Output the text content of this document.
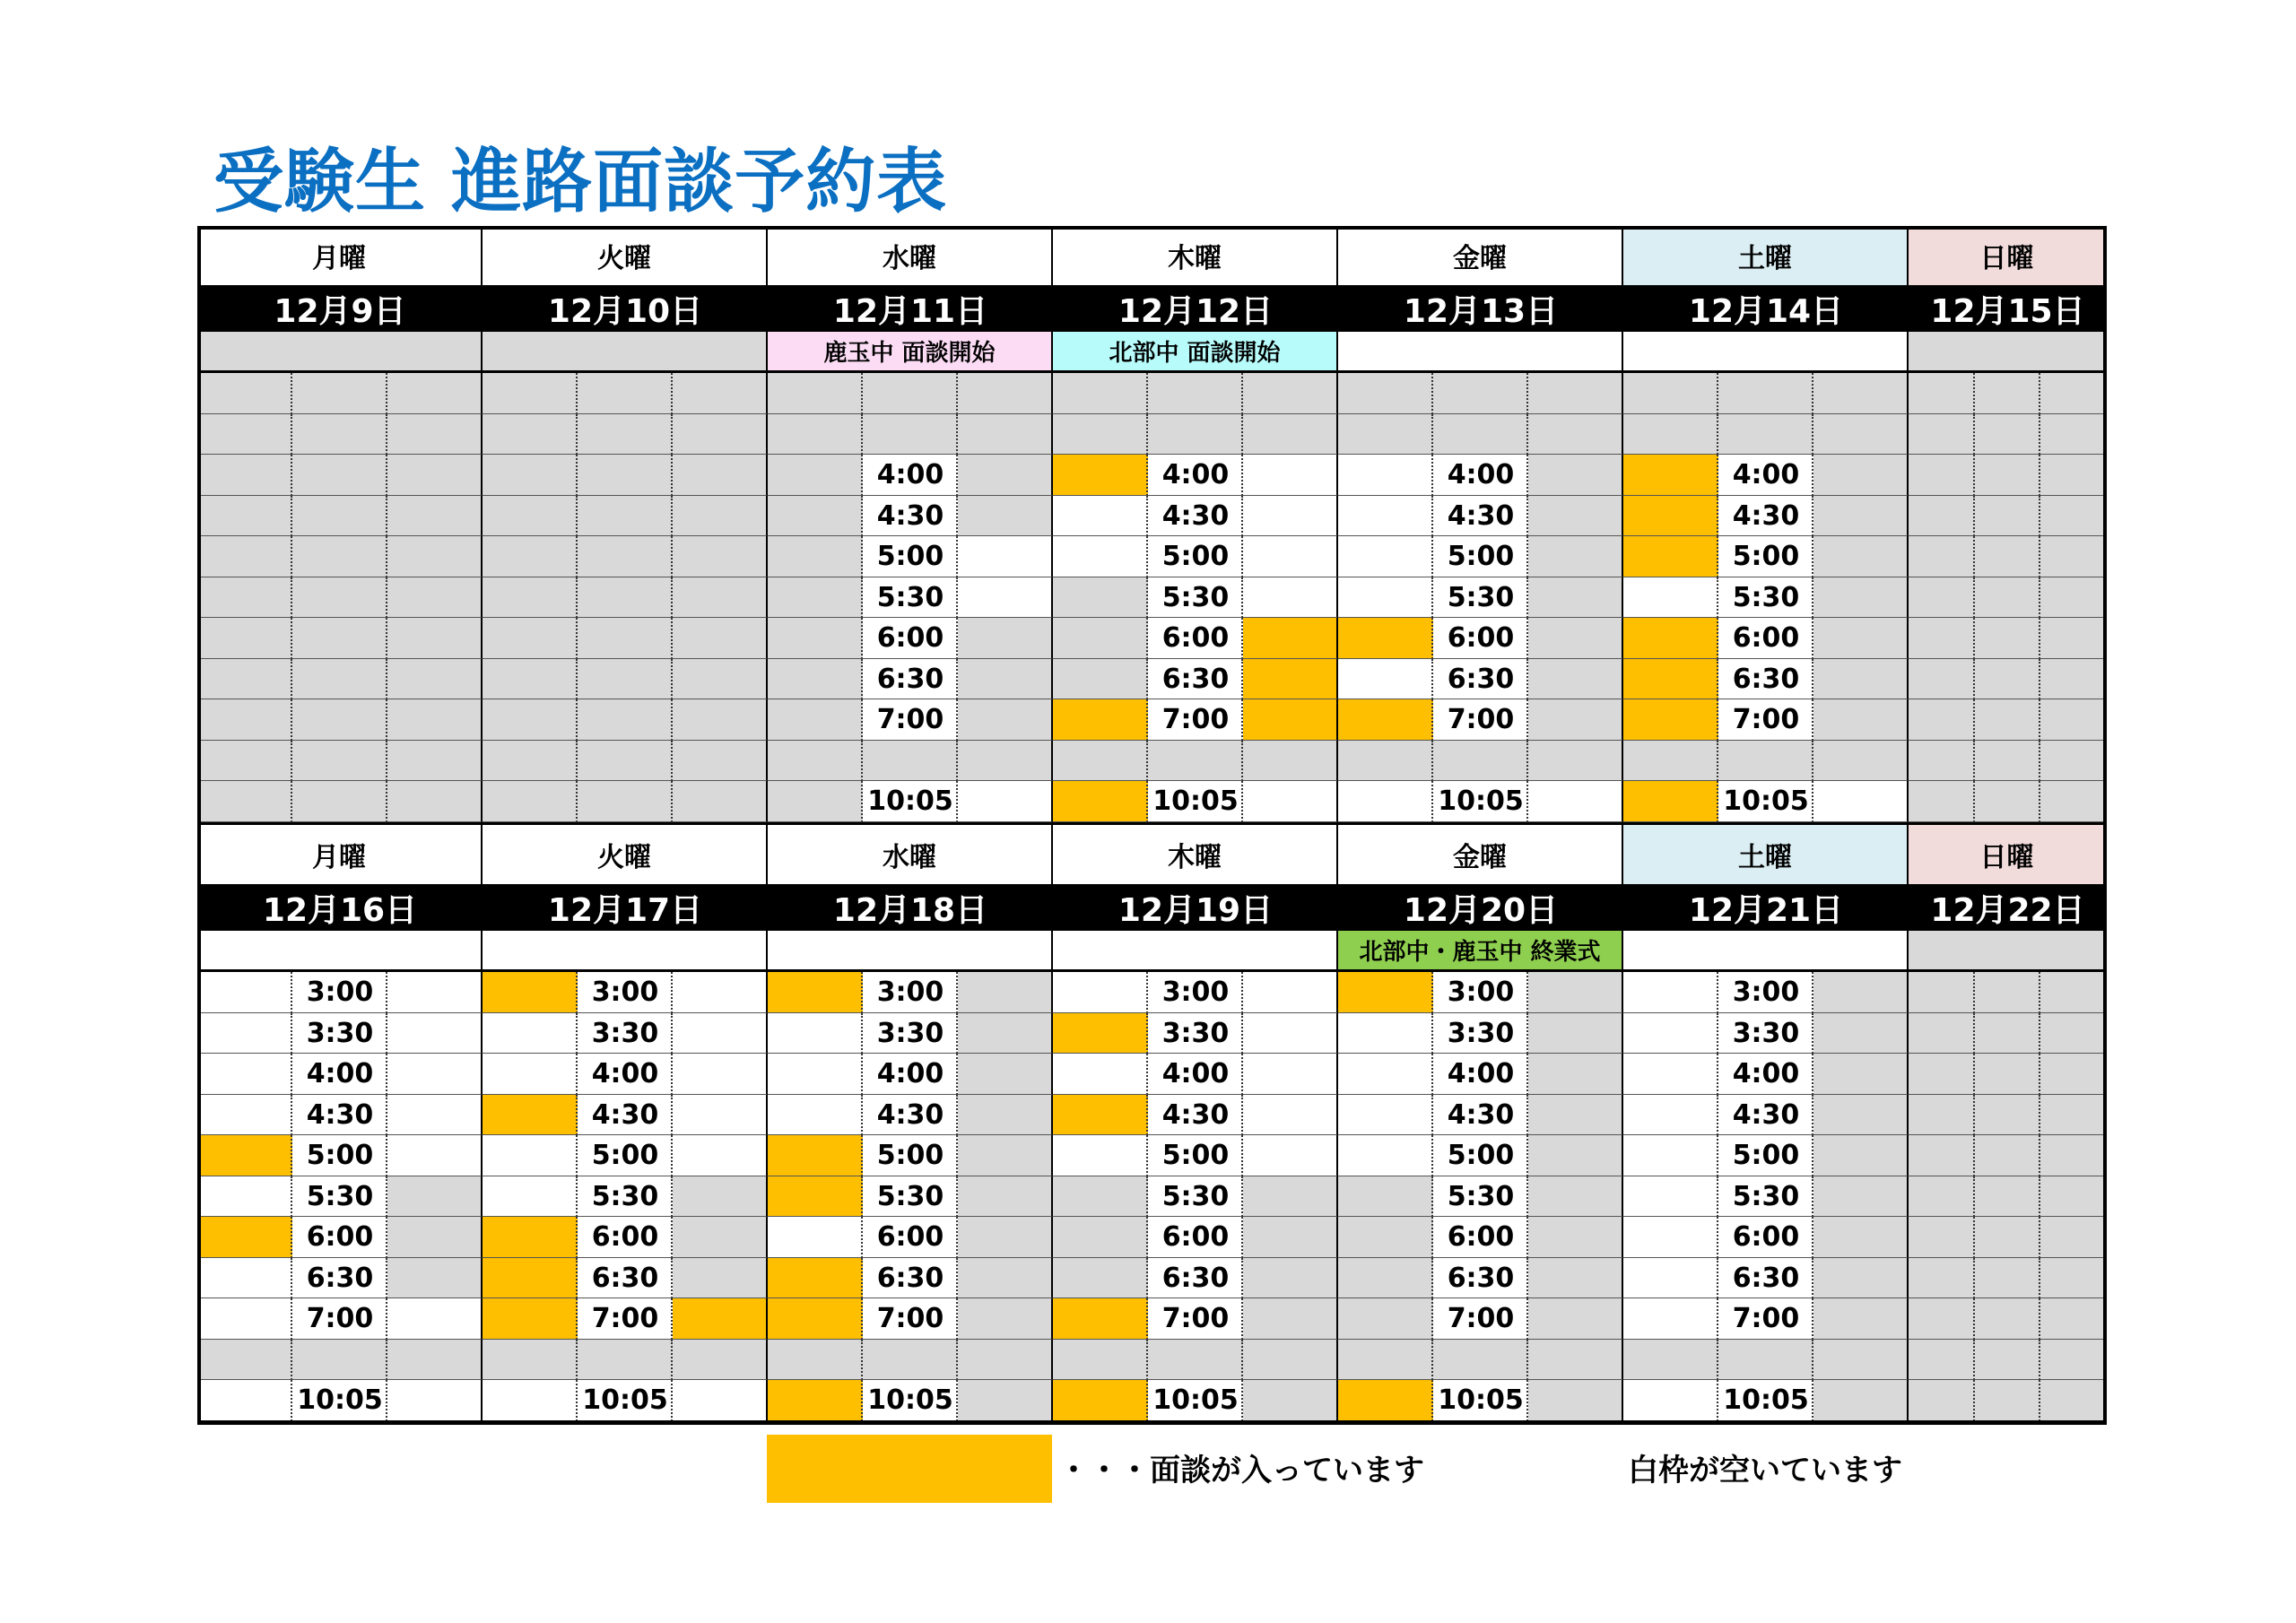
受験生 進路面談予約表
月曜
12月9日
火曜
12月10日
水曜
12月11日
鹿玉中 面談開始
4:00
4:30
5:00
5:30
6:00
6:30
7:00
10:05
木曜
12月12日
北部中 面談開始
4:00
4:30
5:00
5:30
6:00
6:30
7:00
10:05
金曜
12月13日
4:00
4:30
5:00
5:30
6:00
6:30
7:00
10:05
土曜
12月14日
4:00
4:30
5:00
5:30
6:00
6:30
7:00
10:05
日曜
12月15日
月曜
12月16日
3:00
3:30
4:00
4:30
5:00
5:30
6:00
6:30
7:00
10:05
火曜
12月17日
3:00
3:30
4:00
4:30
5:00
5:30
6:00
6:30
7:00
10:05
水曜
12月18日
3:00
3:30
4:00
4:30
5:00
5:30
6:00
6:30
7:00
10:05
木曜
12月19日
3:00
3:30
4:00
4:30
5:00
5:30
6:00
6:30
7:00
10:05
金曜
12月20日
北部中・鹿玉中 終業式
3:00
3:30
4:00
4:30
5:00
5:30
6:00
6:30
7:00
10:05
土曜
12月21日
3:00
3:30
4:00
4:30
5:00
5:30
6:00
6:30
7:00
10:05
日曜
12月22日
・・・面談が入っています	白枠が空いています
